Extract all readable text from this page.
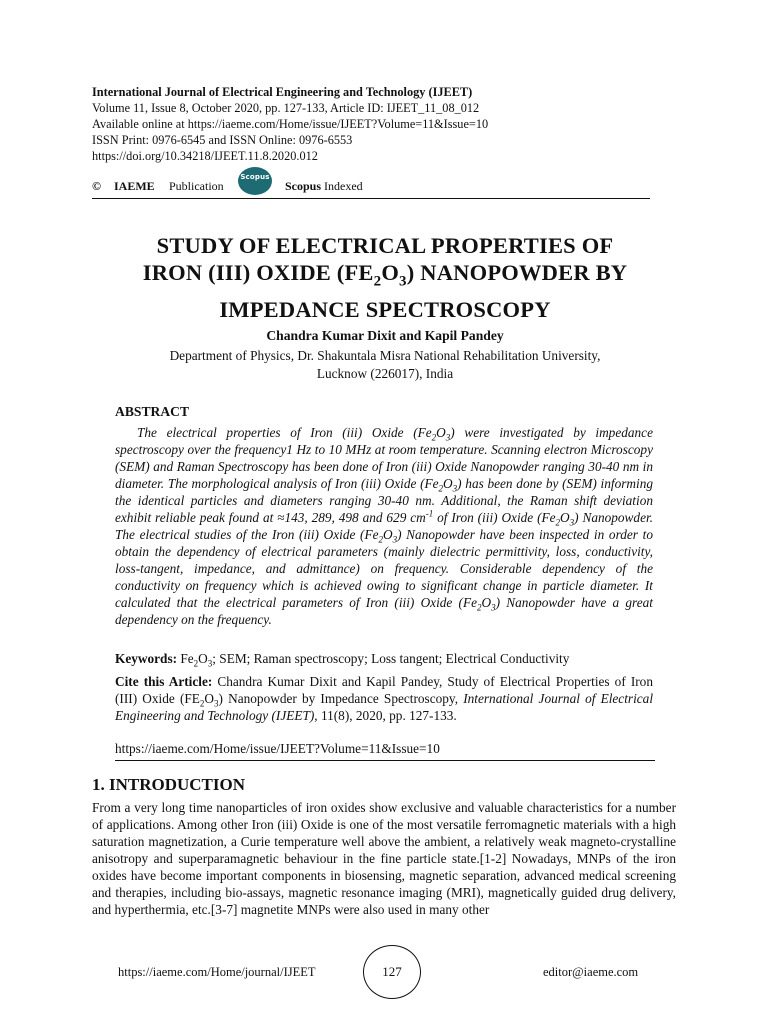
International Journal of Electrical Engineering and Technology (IJEET)
Volume 11, Issue 8, October 2020, pp. 127-133, Article ID: IJEET_11_08_012
Available online at https://iaeme.com/Home/issue/IJEET?Volume=11&Issue=10
ISSN Print: 0976-6545 and ISSN Online: 0976-6553
https://doi.org/10.34218/IJEET.11.8.2020.012
© IAEME Publication
Scopus
Scopus Indexed
STUDY OF ELECTRICAL PROPERTIES OF
IRON (III) OXIDE $(FE_2O_3)$ NANOPOWDER BY
IMPEDANCE SPECTROSCOPY
Chandra Kumar Dixit and Kapil Pandey
Department of Physics, Dr. Shakuntala Misra National Rehabilitation University,
Lucknow (226017), India
ABSTRACT
The electrical properties of Iron (iii) Oxide $(Fe_2O_3)$ were investigated by impedance spectroscopy over the frequency1 Hz to 10 MHz at room temperature. Scanning electron Microscopy (SEM) and Raman Spectroscopy has been done of Iron (iii) Oxide Nanopowder ranging 30-40 nm in diameter. The morphological analysis of Iron (iii) Oxide $(Fe_2O_3)$ has been done by (SEM) informing the identical particles and diameters ranging 30-40 nm. Additional, the Raman shift deviation exhibit reliable peak found at ≈143, 289, 498 and 629 $cm^{-1}$ of Iron (iii) Oxide $(Fe_2O_3)$ Nanopowder. The electrical studies of the Iron (iii) Oxide $(Fe_2O_3)$ Nanopowder have been inspected in order to obtain the dependency of electrical parameters (mainly dielectric permittivity, loss, conductivity, loss-tangent, impedance, and admittance) on frequency. Considerable dependency of the conductivity on frequency which is achieved owing to significant change in particle diameter. It calculated that the electrical parameters of Iron (iii) Oxide $(Fe_2O_3)$ Nanopowder have a great dependency on the frequency.
Keywords: $Fe_2O_3$; SEM; Raman spectroscopy; Loss tangent; Electrical Conductivity
Cite this Article: Chandra Kumar Dixit and Kapil Pandey, Study of Electrical Properties of Iron (III) Oxide $(FE_2O_3)$ Nanopowder by Impedance Spectroscopy, International Journal of Electrical Engineering and Technology (IJEET), 11(8), 2020, pp. 127-133.
https://iaeme.com/Home/issue/IJEET?Volume=11&Issue=10
1. INTRODUCTION
From a very long time nanoparticles of iron oxides show exclusive and valuable characteristics for a number of applications. Among other Iron (iii) Oxide is one of the most versatile ferromagnetic materials with a high saturation magnetization, a Curie temperature well above the ambient, a relatively weak magneto-crystalline anisotropy and superparamagnetic behaviour in the fine particle state.[1-2] Nowadays, MNPs of the iron oxides have become important components in biosensing, magnetic separation, advanced medical screening and therapies, including bio-assays, magnetic resonance imaging (MRI), magnetically guided drug delivery, and hyperthermia, etc.[3-7] magnetite MNPs were also used in many other
https://iaeme.com/Home/journal/IJEET	127	editor@iaeme.com
